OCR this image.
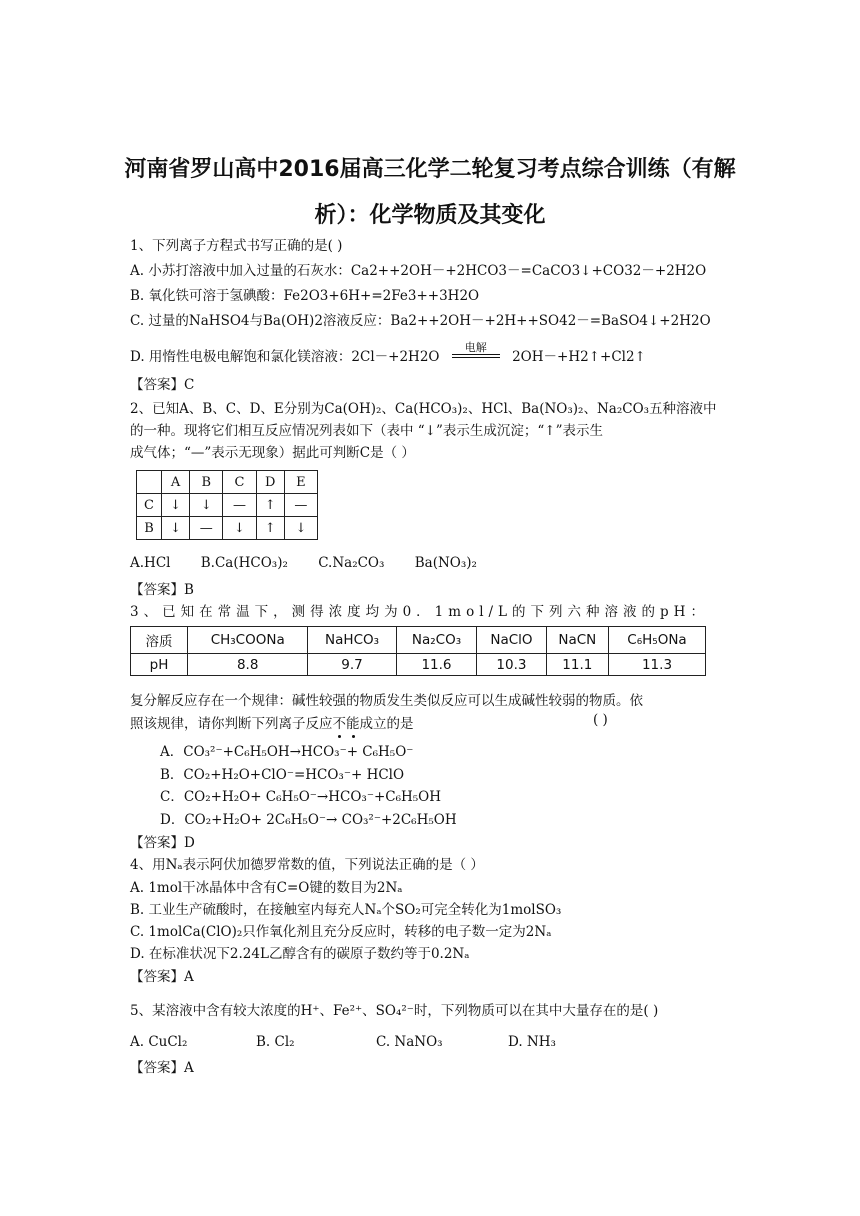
河南省罗山高中2016届高三化学二轮复习考点综合训练（有解
析）：化学物质及其变化
1、下列离子方程式书写正确的是( )
A. 小苏打溶液中加入过量的石灰水：Ca2++2OH－+2HCO3－=CaCO3↓+CO32－+2H2O
B. 氧化铁可溶于氢碘酸：Fe2O3+6H+=2Fe3++3H2O
C. 过量的NaHSO4与Ba(OH)2溶液反应：Ba2++2OH－+2H++SO42－=BaSO4↓+2H2O
D. 用惰性电极电解饱和氯化镁溶液：2Cl－+2H2O
电解
2OH－+H2↑+Cl2↑
【答案】C
2、已知A、B、C、D、E分别为Ca(OH)₂、Ca(HCO₃)₂、HCl、Ba(NO₃)₂、Na₂CO₃五种溶液中
的一种。现将它们相互反应情况列表如下（表中 “↓”表示生成沉淀；“↑”表示生
成气体；“—”表示无现象）据此可判断C是（ ）
	A	B	C	D	E
C	↓	↓	—	↑	—
B	↓	—	↓	↑	↓
A.HCl B.Ca(HCO₃)₂ C.Na₂CO₃ Ba(NO₃)₂
【答案】B
3、已知在常温下，测得浓度均为0．1mol/L的下列六种溶液的pH：
溶质	CH₃COONa	NaHCO₃	Na₂CO₃	NaClO	NaCN	C₆H₅ONa
pH	8.8	9.7	11.6	10.3	11.1	11.3
复分解反应存在一个规律：碱性较强的物质发生类似反应可以生成碱性较弱的物质。依
照该规律，请你判断下列离子反应不能
成立的是	( )
A．CO₃²⁻+C₆H₅OH→HCO₃⁻+ C₆H₅O⁻
B．CO₂+H₂O+ClO⁻=HCO₃⁻+ HClO
C．CO₂+H₂O+ C₆H₅O⁻→HCO₃⁻+C₆H₅OH
D．CO₂+H₂O+ 2C₆H₅O⁻→ CO₃²⁻+2C₆H₅OH
【答案】D
4、用Nₐ表示阿伏加德罗常数的值，下列说法正确的是（ ）
A. 1mol干冰晶体中含有C=O键的数目为2Nₐ
B. 工业生产硫酸时，在接触室内每充人Nₐ个SO₂可完全转化为1molSO₃
C. 1molCa(ClO)₂只作氧化剂且充分反应时，转移的电子数一定为2Nₐ
D. 在标准状况下2.24L乙醇含有的碳原子数约等于0.2Nₐ
【答案】A
5、某溶液中含有较大浓度的H⁺、Fe²⁺、SO₄²⁻时，下列物质可以在其中大量存在的是( )
A. CuCl₂	B. Cl₂	C. NaNO₃	D. NH₃
【答案】A
